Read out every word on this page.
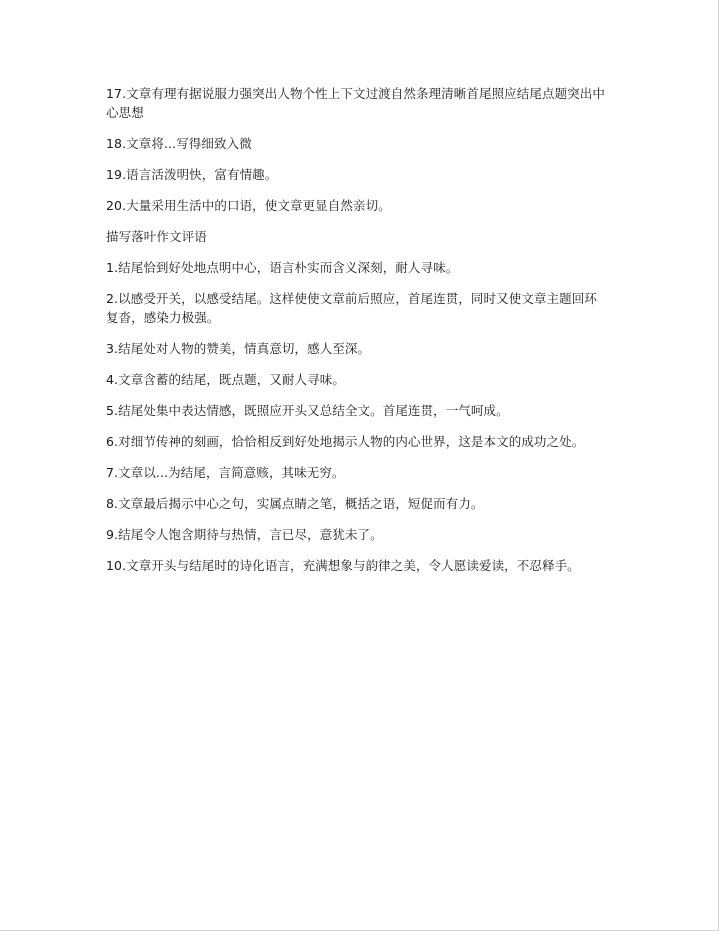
17.文章有理有据说服力强突出人物个性上下文过渡自然条理清晰首尾照应结尾点题突出中心思想

18.文章将...写得细致入微

19.语言活泼明快，富有情趣。

20.大量采用生活中的口语，使文章更显自然亲切。

描写落叶作文评语

1.结尾恰到好处地点明中心，语言朴实而含义深刻，耐人寻味。

2.以感受开关，以感受结尾。这样使使文章前后照应，首尾连贯，同时又使文章主题回环复沓，感染力极强。

3.结尾处对人物的赞美，情真意切，感人至深。

4.文章含蓄的结尾，既点题，又耐人寻味。

5.结尾处集中表达情感，既照应开头又总结全文。首尾连贯，一气呵成。

6.对细节传神的刻画，恰恰相反到好处地揭示人物的内心世界，这是本文的成功之处。

7.文章以...为结尾，言简意赅，其味无穷。

8.文章最后揭示中心之句，实属点睛之笔，概括之语，短促而有力。

9.结尾令人饱含期待与热情，言已尽，意犹未了。

10.文章开头与结尾时的诗化语言，充满想象与韵律之美，令人愿读爱读，不忍释手。
